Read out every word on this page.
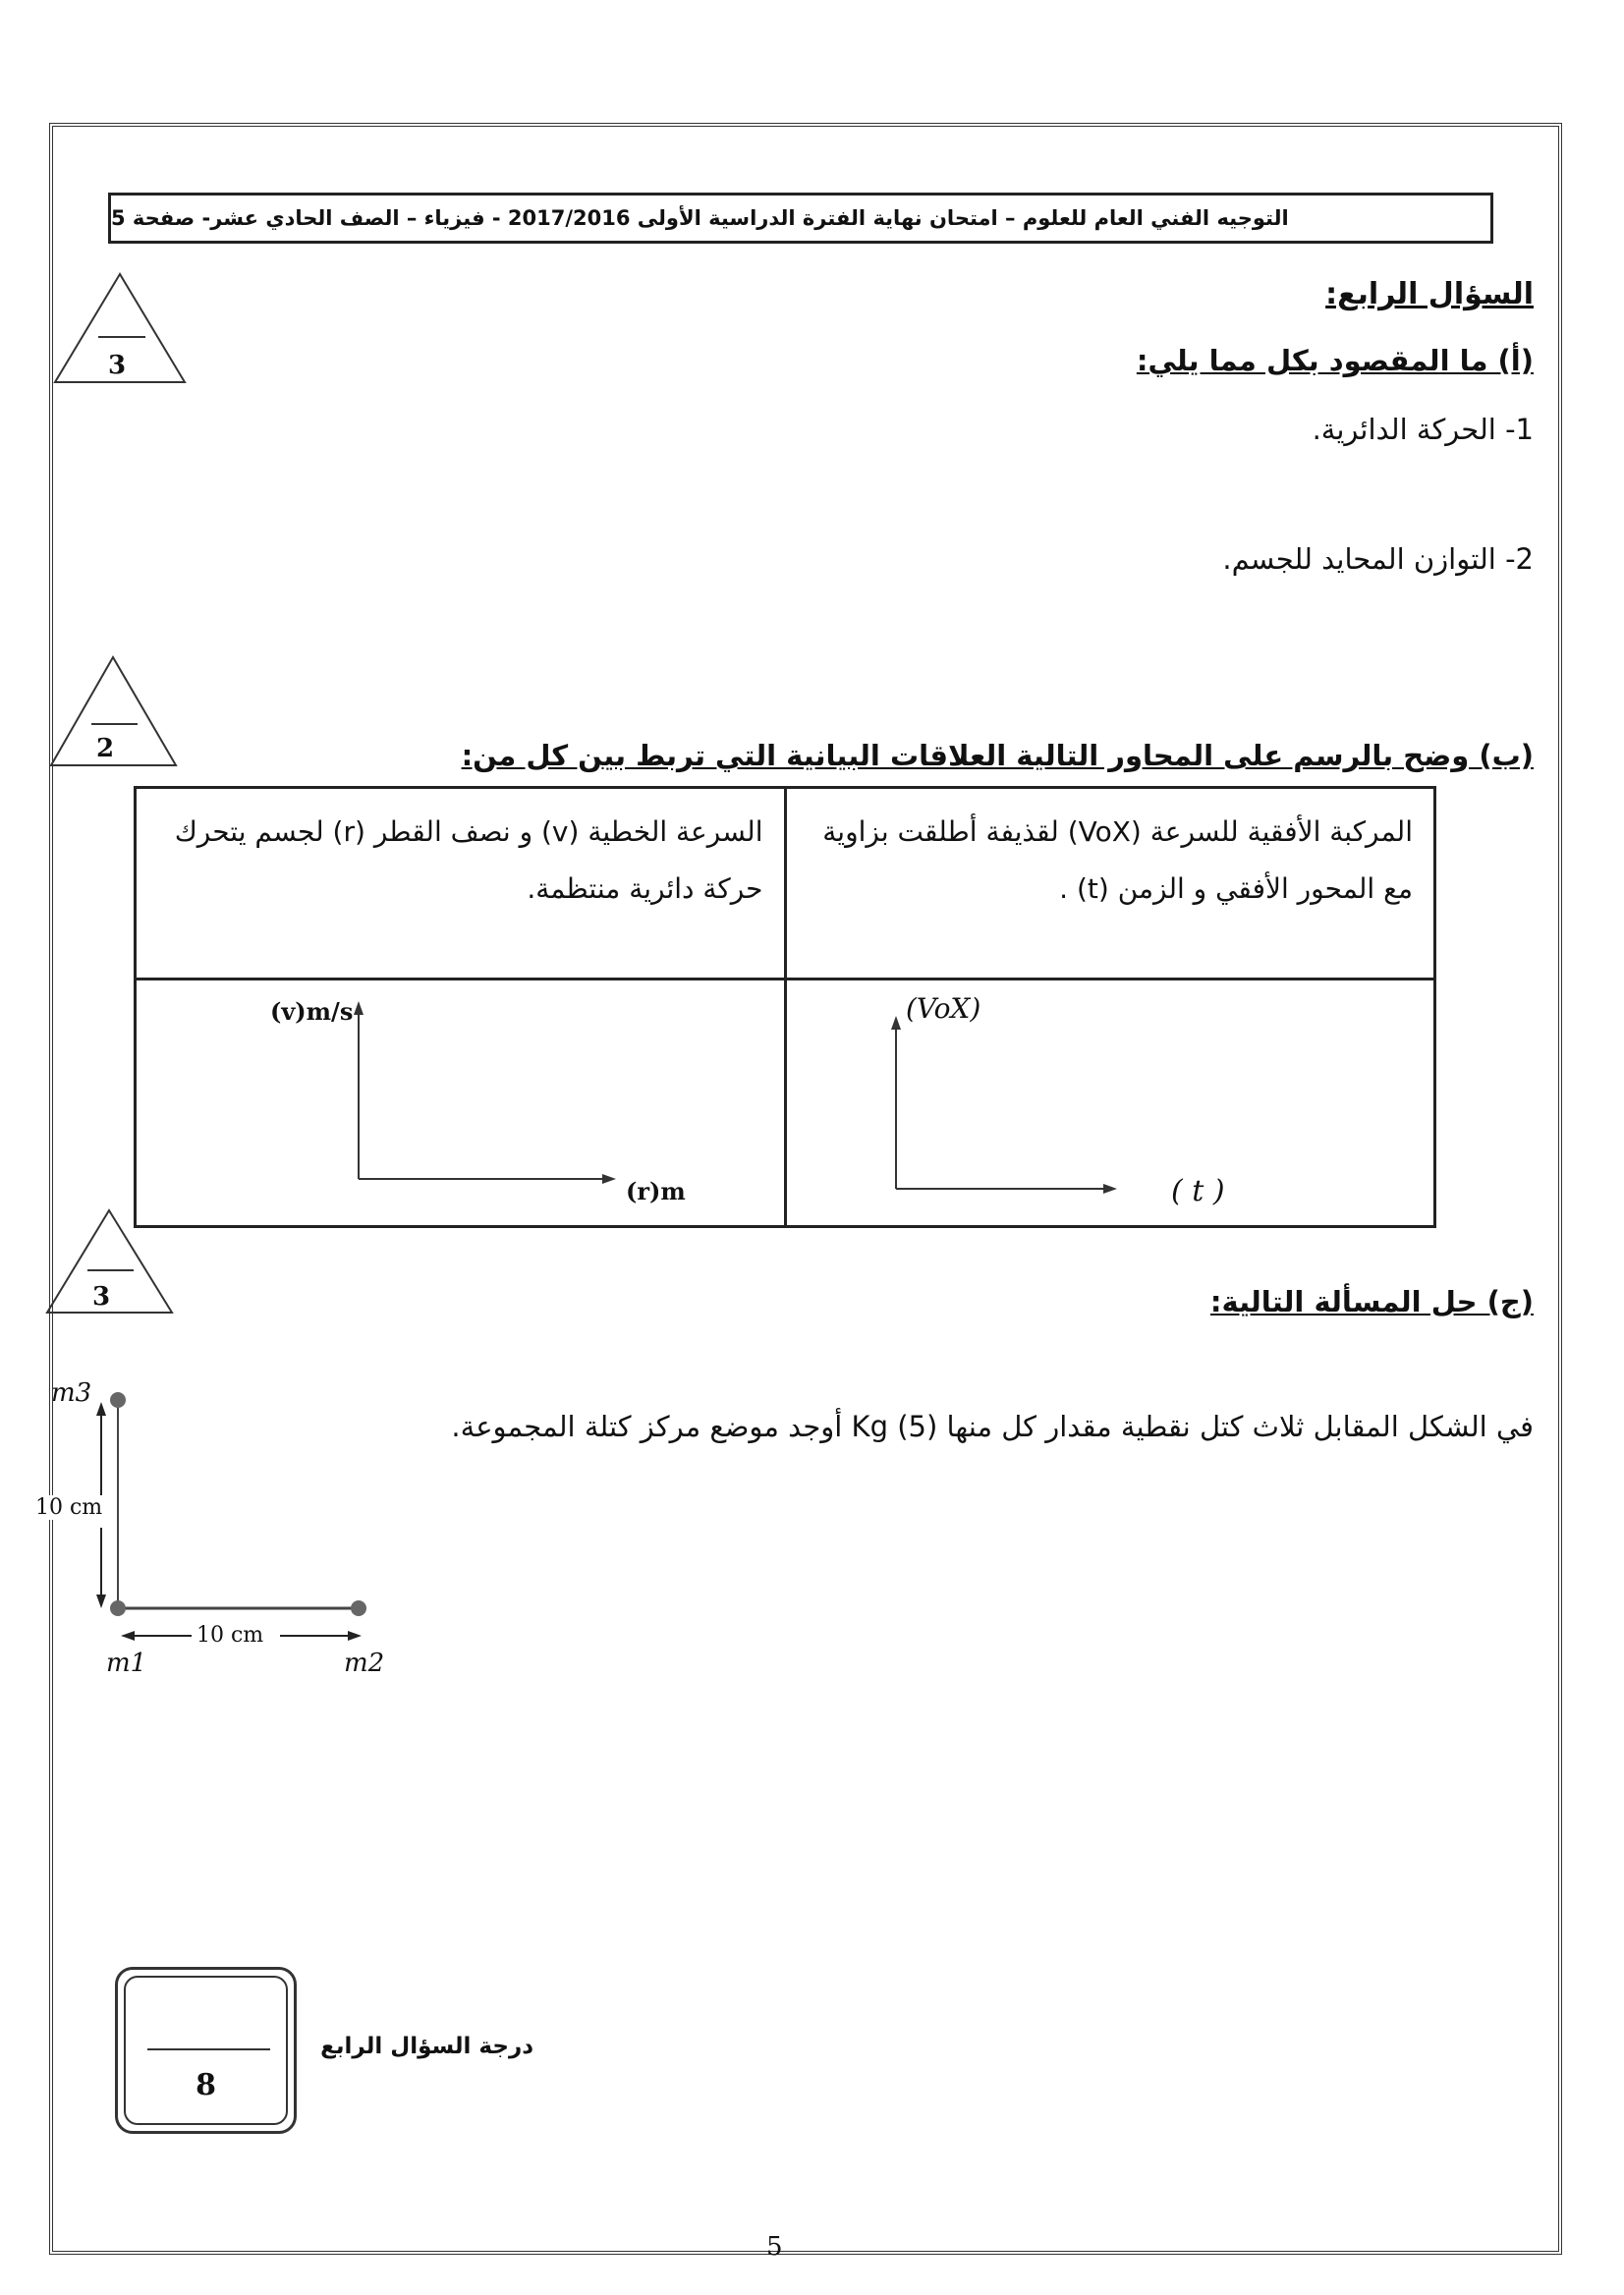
التوجيه الفني العام للعلوم – امتحان نهاية الفترة الدراسية الأولى 2017/2016 - فيزياء – الصف الحادي عشر- صفحة 5
السؤال الرابع:
3	(أ) ما المقصود بكل مما يلي:
1- الحركة الدائرية.
2- التوازن المحايد للجسم.
2	(ب) وضح بالرسم على المحاور التالية العلاقات البيانية التي تربط بين كل من:
السرعة الخطية (v) و نصف القطر (r) لجسم يتحرك حركة دائرية منتظمة.	المركبة الأفقية للسرعة (VoX) لقذيفة أطلقت بزاوية مع المحور الأفقي و الزمن (t) .

(v)m/s
(r)m
(VoX)
( t )
3	(ج) حل المسألة التالية:
في الشكل المقابل ثلاث كتل نقطية مقدار كل منها Kg (5) أوجد موضع مركز كتلة المجموعة.
m3
10 cm
10 cm
m1	m2
8
درجة السؤال الرابع
5
